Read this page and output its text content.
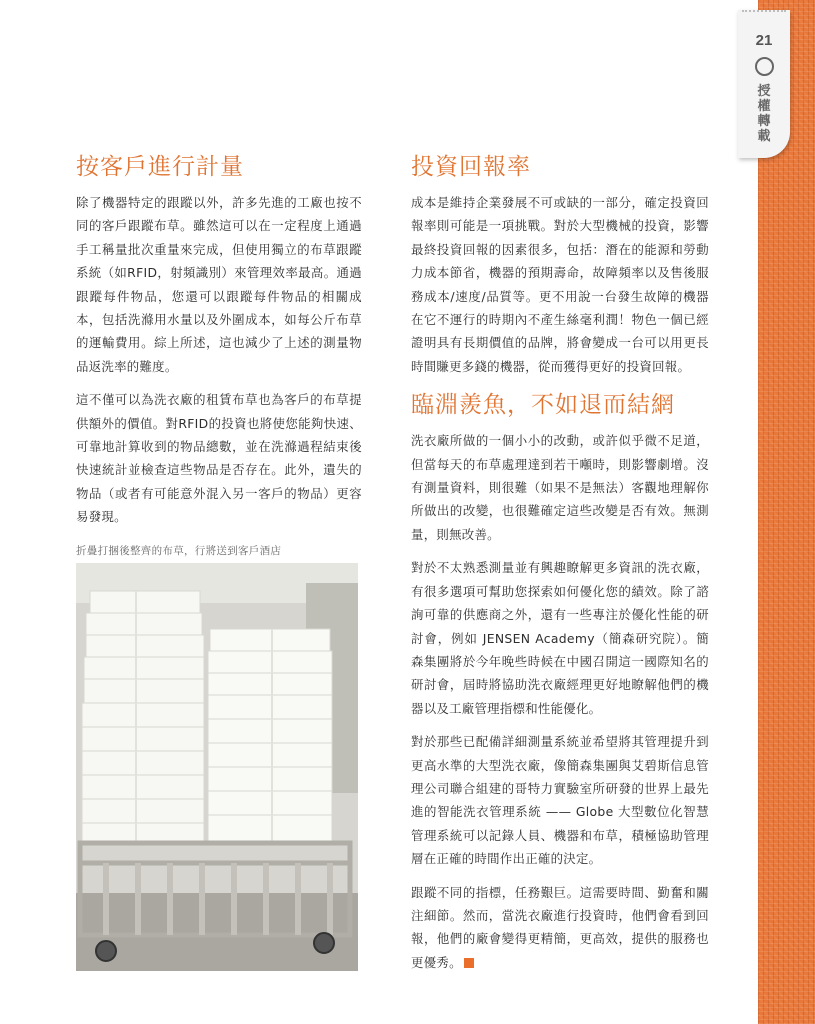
21
授
權
轉
載
按客戶進行計量

除了機器特定的跟蹤以外，許多先進的工廠也按不同的客戶跟蹤布草。雖然這可以在一定程度上通過手工稱量批次重量來完成，但使用獨立的布草跟蹤系統（如RFID，射頻識別）來管理效率最高。通過跟蹤每件物品，您還可以跟蹤每件物品的相關成本，包括洗滌用水量以及外圍成本，如每公斤布草的運輸費用。綜上所述，這也減少了上述的測量物品返洗率的難度。

這不僅可以為洗衣廠的租賃布草也為客戶的布草提供額外的價值。對RFID的投資也將使您能夠快速、可靠地計算收到的物品總數，並在洗滌過程結束後快速統計並檢查這些物品是否存在。此外，遺失的物品（或者有可能意外混入另一客戶的物品）更容易發現。

折疊打捆後整齊的布草，行將送到客戶酒店

投資回報率

成本是維持企業發展不可或缺的一部分，確定投資回報率則可能是一項挑戰。對於大型機械的投資，影響最終投資回報的因素很多，包括：潛在的能源和勞動力成本節省，機器的預期壽命，故障頻率以及售後服務成本/速度/品質等。更不用說一台發生故障的機器在它不運行的時期內不產生絲毫利潤！物色一個已經證明具有長期價值的品牌，將會變成一台可以用更長時間賺更多錢的機器，從而獲得更好的投資回報。

臨淵羨魚，不如退而結網

洗衣廠所做的一個小小的改動，或許似乎微不足道，但當每天的布草處理達到若干噸時，則影響劇增。沒有測量資料，則很難（如果不是無法）客觀地理解你所做出的改變，也很難確定這些改變是否有效。無測量，則無改善。

對於不太熟悉測量並有興趣瞭解更多資訊的洗衣廠，有很多選項可幫助您探索如何優化您的績效。除了諮詢可靠的供應商之外，還有一些專注於優化性能的研討會，例如 JENSEN Academy（簡森研究院）。簡森集團將於今年晚些時候在中國召開這一國際知名的研討會，屆時將協助洗衣廠經理更好地瞭解他們的機器以及工廠管理指標和性能優化。

對於那些已配備詳細測量系統並希望將其管理提升到更高水準的大型洗衣廠，像簡森集團與艾碧斯信息管理公司聯合組建的哥特力實驗室所研發的世界上最先進的智能洗衣管理系統 —— Globe 大型數位化智慧管理系統可以記錄人員、機器和布草，積極協助管理層在正確的時間作出正確的決定。

跟蹤不同的指標，任務艱巨。這需要時間、勤奮和關注細節。然而，當洗衣廠進行投資時，他們會看到回報，他們的廠會變得更精簡，更高效，提供的服務也更優秀。
